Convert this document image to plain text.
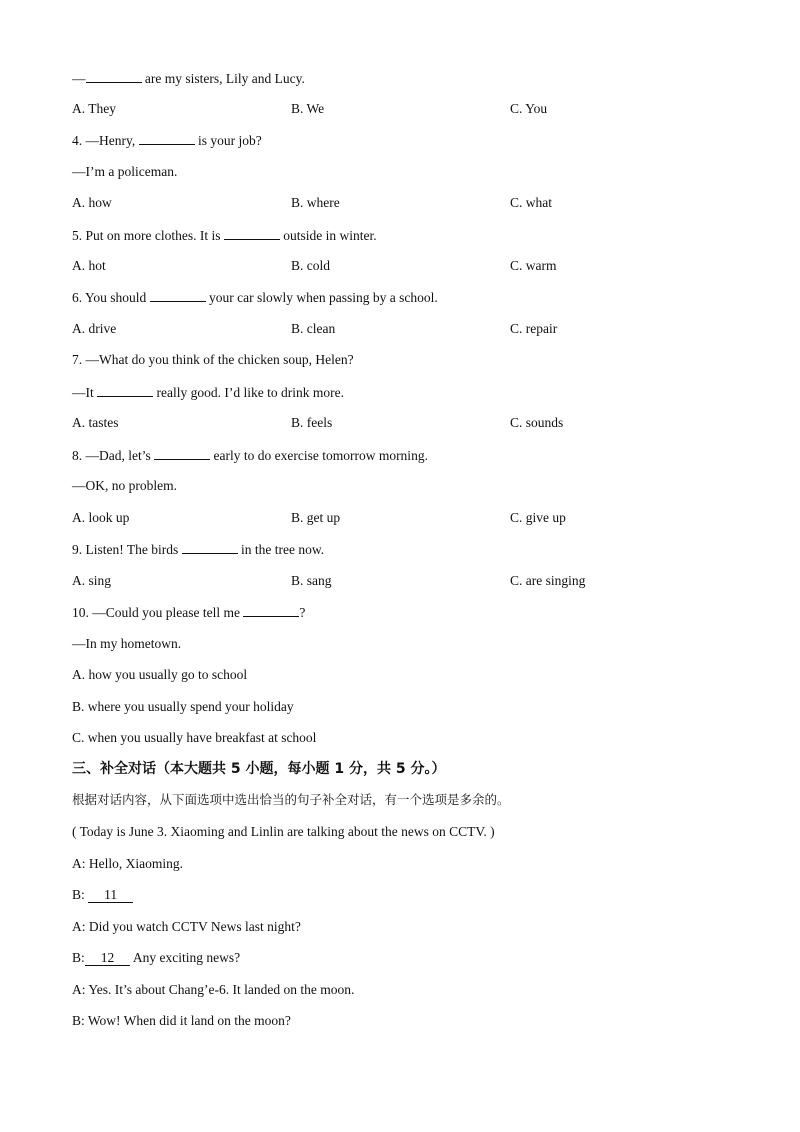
—	are my sisters, Lily and Lucy.
A. They	B. We	C. You
4. —Henry,	is your job?
—I’m a policeman.
A. how	B. where	C. what
5. Put on more clothes. It is	outside in winter.
A. hot	B. cold	C. warm
6. You should	your car slowly when passing by a school.
A. drive	B. clean	C. repair
7. —What do you think of the chicken soup, Helen?
—It	really good. I’d like to drink more.
A. tastes	B. feels	C. sounds
8. —Dad, let’s	early to do exercise tomorrow morning.
—OK, no problem.
A. look up	B. get up	C. give up
9. Listen! The birds	in the tree now.
A. sing	B. sang	C. are singing
10. —Could you please tell me	?
—In my hometown.
A. how you usually go to school
B. where you usually spend your holiday
C. when you usually have breakfast at school
三、补全对话（本大题共 5 小题，每小题 1 分，共 5 分。）
根据对话内容，从下面选项中选出恰当的句子补全对话，有一个选项是多余的。
( Today is June 3. Xiaoming and Linlin are talking about the news on CCTV. )
A: Hello, Xiaoming.
B: 11
A: Did you watch CCTV News last night?
B: 12 Any exciting news?
A: Yes. It’s about Chang’e-6. It landed on the moon.
B: Wow! When did it land on the moon?
